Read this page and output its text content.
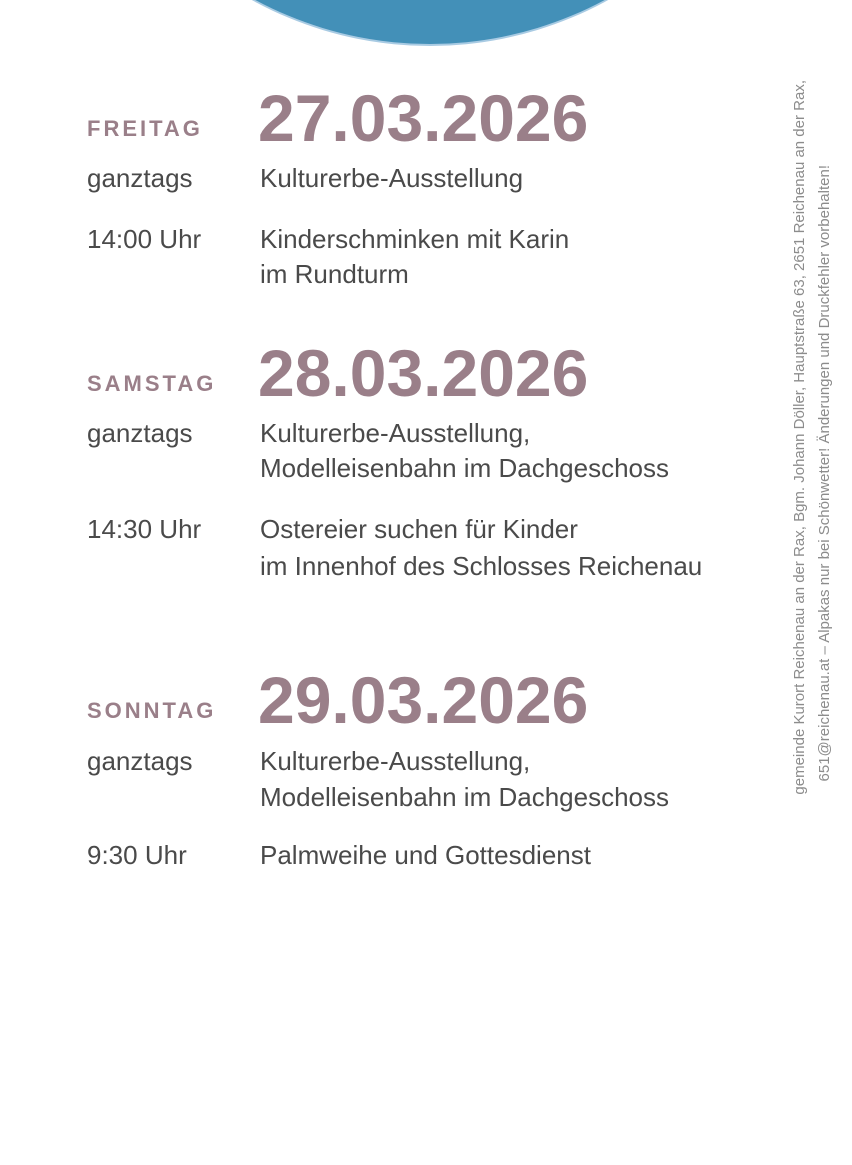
FREITAG 27.03.2026
ganztags	Kulturerbe-Ausstellung
14:00 Uhr Kinderschminken mit Karin
im Rundturm
SAMSTAG 28.03.2026
ganztags	Kulturerbe-Ausstellung,
Modelleisenbahn im Dachgeschoss
14:30 Uhr Ostereier suchen für Kinder
im Innenhof des Schlosses Reichenau
SONNTAG 29.03.2026
ganztags	Kulturerbe-Ausstellung,
Modelleisenbahn im Dachgeschoss
9:30 Uhr	Palmweihe und Gottesdienst
gemeinde Kurort Reichenau an der Rax, Bgm. Johann Döller, Hauptstraße 63, 2651 Reichenau an der Rax, 651@reichenau.at – Alpakas nur bei Schönwetter! Änderungen und Druckfehler vorbehalten!
